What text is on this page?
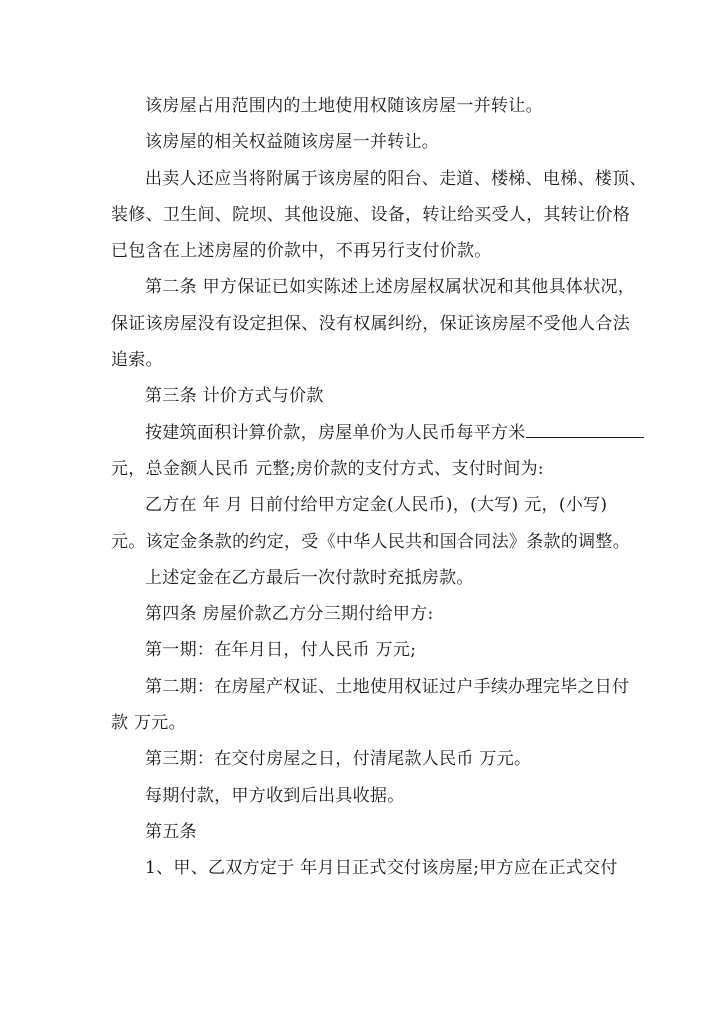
该房屋占用范围内的土地使用权随该房屋一并转让。
该房屋的相关权益随该房屋一并转让。
出卖人还应当将附属于该房屋的阳台、走道、楼梯、电梯、楼顶、
装修、卫生间、院坝、其他设施、设备，转让给买受人，其转让价格
已包含在上述房屋的价款中，不再另行支付价款。
第二条 甲方保证已如实陈述上述房屋权属状况和其他具体状况，
保证该房屋没有设定担保、没有权属纠纷，保证该房屋不受他人合法
追索。
第三条 计价方式与价款
按建筑面积计算价款，房屋单价为人民币每平方米
元，总金额人民币 元整;房价款的支付方式、支付时间为:
乙方在 年 月 日前付给甲方定金(人民币)，(大写) 元，(小写)
元。该定金条款的约定，受《中华人民共和国合同法》条款的调整。
上述定金在乙方最后一次付款时充抵房款。
第四条 房屋价款乙方分三期付给甲方:
第一期：在年月日，付人民币 万元;
第二期：在房屋产权证、土地使用权证过户手续办理完毕之日付
款 万元。
第三期：在交付房屋之日，付清尾款人民币 万元。
每期付款，甲方收到后出具收据。
第五条
1、甲、乙双方定于 年月日正式交付该房屋;甲方应在正式交付
